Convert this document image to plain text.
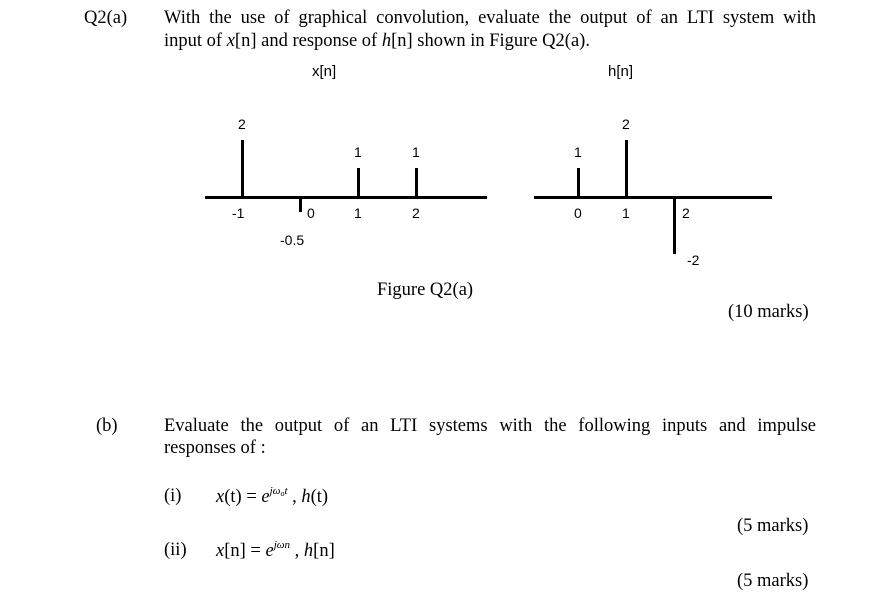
Q2(a) With the use of graphical convolution, evaluate the output of an LTI system with
input of x[n] and response of h[n] shown in Figure Q2(a).
x[n]	h[n]
-1
2
0
-0.5
1
1
2
1
0
1
1
2
2
-2
Figure Q2(a)
(10 marks)
(b)	Evaluate the output of an LTI systems with the following inputs and impulse
responses of :
(i) $x(t) = e^{j\omega_ot}$ , h(t)
(5 marks)
(ii) $x[n] = e^{j\omega n}$ , h[n]
(5 marks)
